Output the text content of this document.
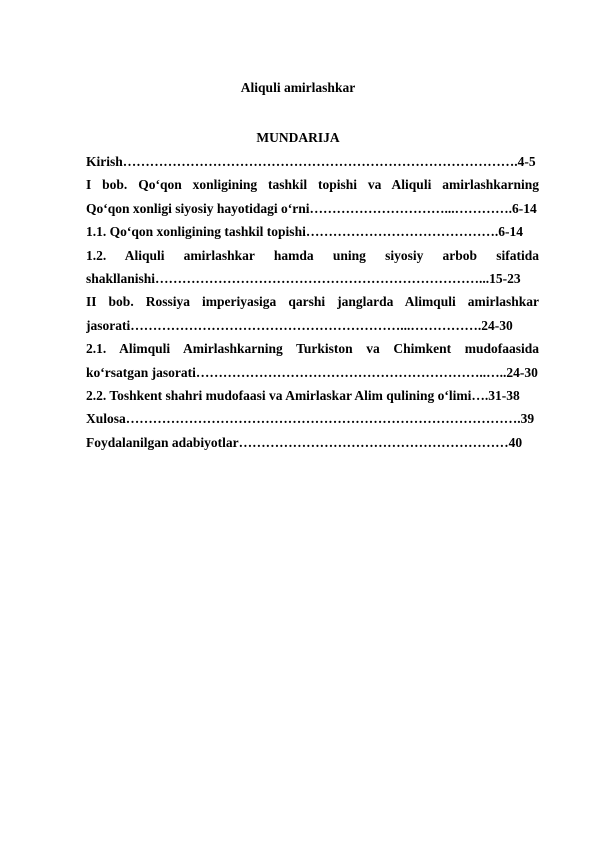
Aliquli amirlashkar
MUNDARIJA
Kirish…………………………………………………………………………….4-5
I bob. Qo‘qon xonligining tashkil topishi va Aliquli amirlashkarning
Qo‘qon xonligi siyosiy hayotidagi o‘rni…………………………...………….6-14
1.1. Qo‘qon xonligining tashkil topishi…………………………………….6-14
1.2. Aliquli amirlashkar hamda uning siyosiy arbob sifatida
shakllanishi………………………………………………………………...15-23
II bob. Rossiya imperiyasiga qarshi janglarda Alimquli amirlashkar
jasorati……………………………………………………...…………….24-30
2.1. Alimquli Amirlashkarning Turkiston va Chimkent mudofaasida
ko‘rsatgan jasorati………………………………………………………..…..24-30
2.2. Toshkent shahri mudofaasi va Amirlaskar Alim qulining o‘limi….31-38
Xulosa…………………………………………………………………………….39
Foydalanilgan adabiyotlar……………………………………………………40
